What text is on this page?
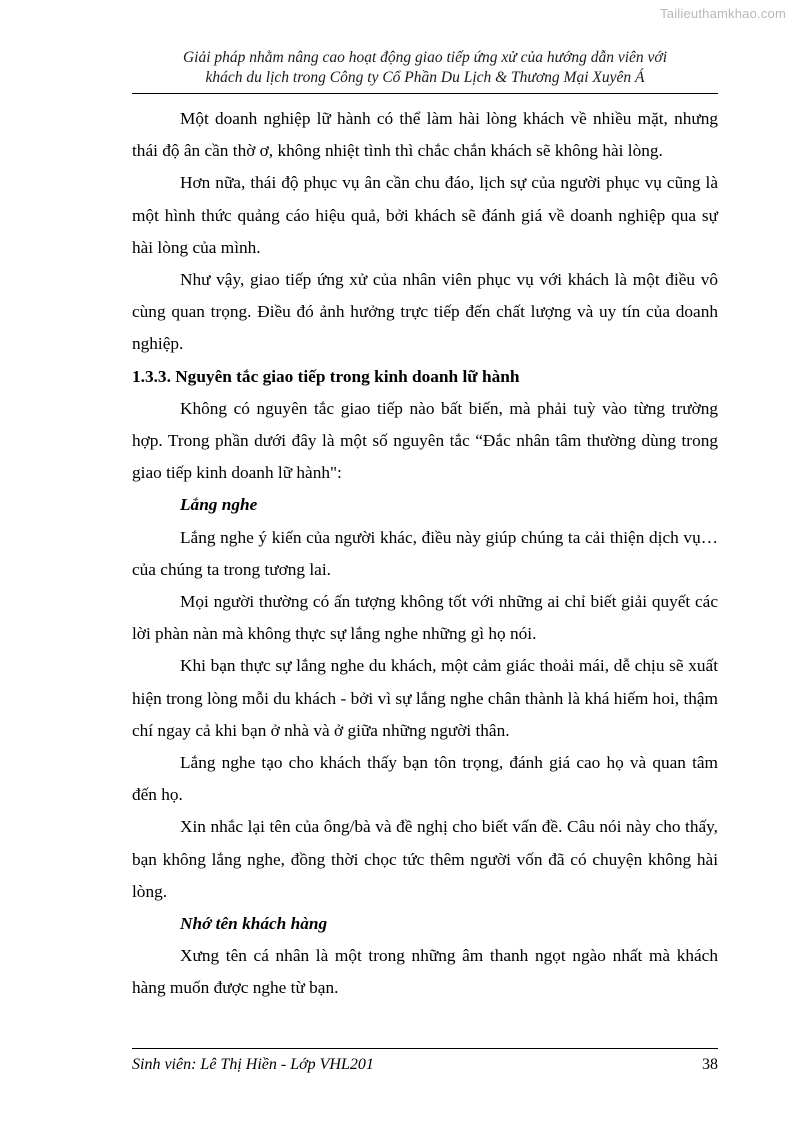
Tailieuthamkhao.com
Giải pháp nhằm nâng cao hoạt động giao tiếp ứng xử của hướng dẫn viên với
khách du lịch trong Công ty Cổ Phần Du Lịch & Thương Mại Xuyên Á

Một doanh nghiệp lữ hành có thể làm hài lòng khách về nhiều mặt, nhưng thái độ ân cần thờ ơ, không nhiệt tình thì chắc chắn khách sẽ không hài lòng.

Hơn nữa, thái độ phục vụ ân cần chu đáo, lịch sự của người phục vụ cũng là một hình thức quảng cáo hiệu quả, bởi khách sẽ đánh giá về doanh nghiệp qua sự hài lòng của mình.

Như vậy, giao tiếp ứng xử của nhân viên phục vụ với khách là một điều vô cùng quan trọng. Điều đó ảnh hưởng trực tiếp đến chất lượng và uy tín của doanh nghiệp.

1.3.3. Nguyên tắc giao tiếp trong kinh doanh lữ hành

Không có nguyên tắc giao tiếp nào bất biến, mà phải tuỳ vào từng trường hợp. Trong phần dưới đây là một số nguyên tắc “Đắc nhân tâm thường dùng trong giao tiếp kinh doanh lữ hành":

Lắng nghe

Lắng nghe ý kiến của người khác, điều này giúp chúng ta cải thiện dịch vụ… của chúng ta trong tương lai.

Mọi người thường có ấn tượng không tốt với những ai chỉ biết giải quyết các lời phàn nàn mà không thực sự lắng nghe những gì họ nói.

Khi bạn thực sự lắng nghe du khách, một cảm giác thoải mái, dễ chịu sẽ xuất hiện trong lòng mỗi du khách - bởi vì sự lắng nghe chân thành là khá hiếm hoi, thậm chí ngay cả khi bạn ở nhà và ở giữa những người thân.

Lắng nghe tạo cho khách thấy bạn tôn trọng, đánh giá cao họ và quan tâm đến họ.

Xin nhắc lại tên của ông/bà và đề nghị cho biết vấn đề. Câu nói này cho thấy, bạn không lắng nghe, đồng thời chọc tức thêm người vốn đã có chuyện không hài lòng.

Nhớ tên khách hàng

Xưng tên cá nhân là một trong những âm thanh ngọt ngào nhất mà khách hàng muốn được nghe từ bạn.

Sinh viên: Lê Thị Hiền - Lớp VHL201	38
